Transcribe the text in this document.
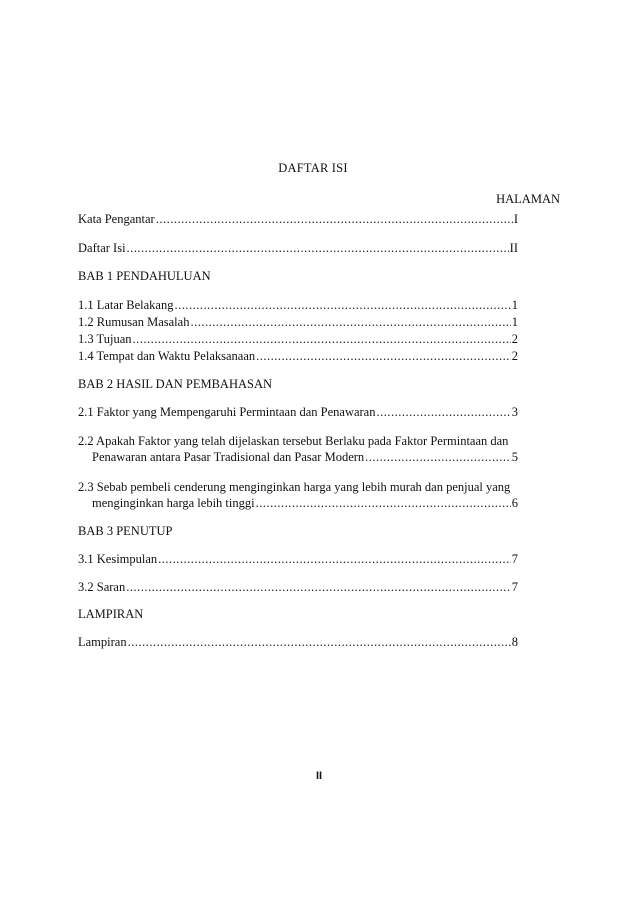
DAFTAR ISI
HALAMAN
Kata Pengantar .....	I
Daftar Isi .....	II
BAB 1 PENDAHULUAN
1.1 Latar Belakang .....	1
1.2 Rumusan Masalah .....	1
1.3 Tujuan .....	2
1.4 Tempat dan Waktu Pelaksanaan .....	2
BAB 2 HASIL DAN PEMBAHASAN
2.1 Faktor yang Mempengaruhi Permintaan dan Penawaran .....	3
2.2 Apakah Faktor yang telah dijelaskan tersebut Berlaku pada Faktor Permintaan dan
Penawaran antara Pasar Tradisional dan Pasar Modern .....	5
2.3 Sebab pembeli cenderung menginginkan harga yang lebih murah dan penjual yang
menginginkan harga lebih tinggi .....	6
BAB 3 PENUTUP
3.1 Kesimpulan .....	7
3.2 Saran .....	7
LAMPIRAN
Lampiran .....	8
II
